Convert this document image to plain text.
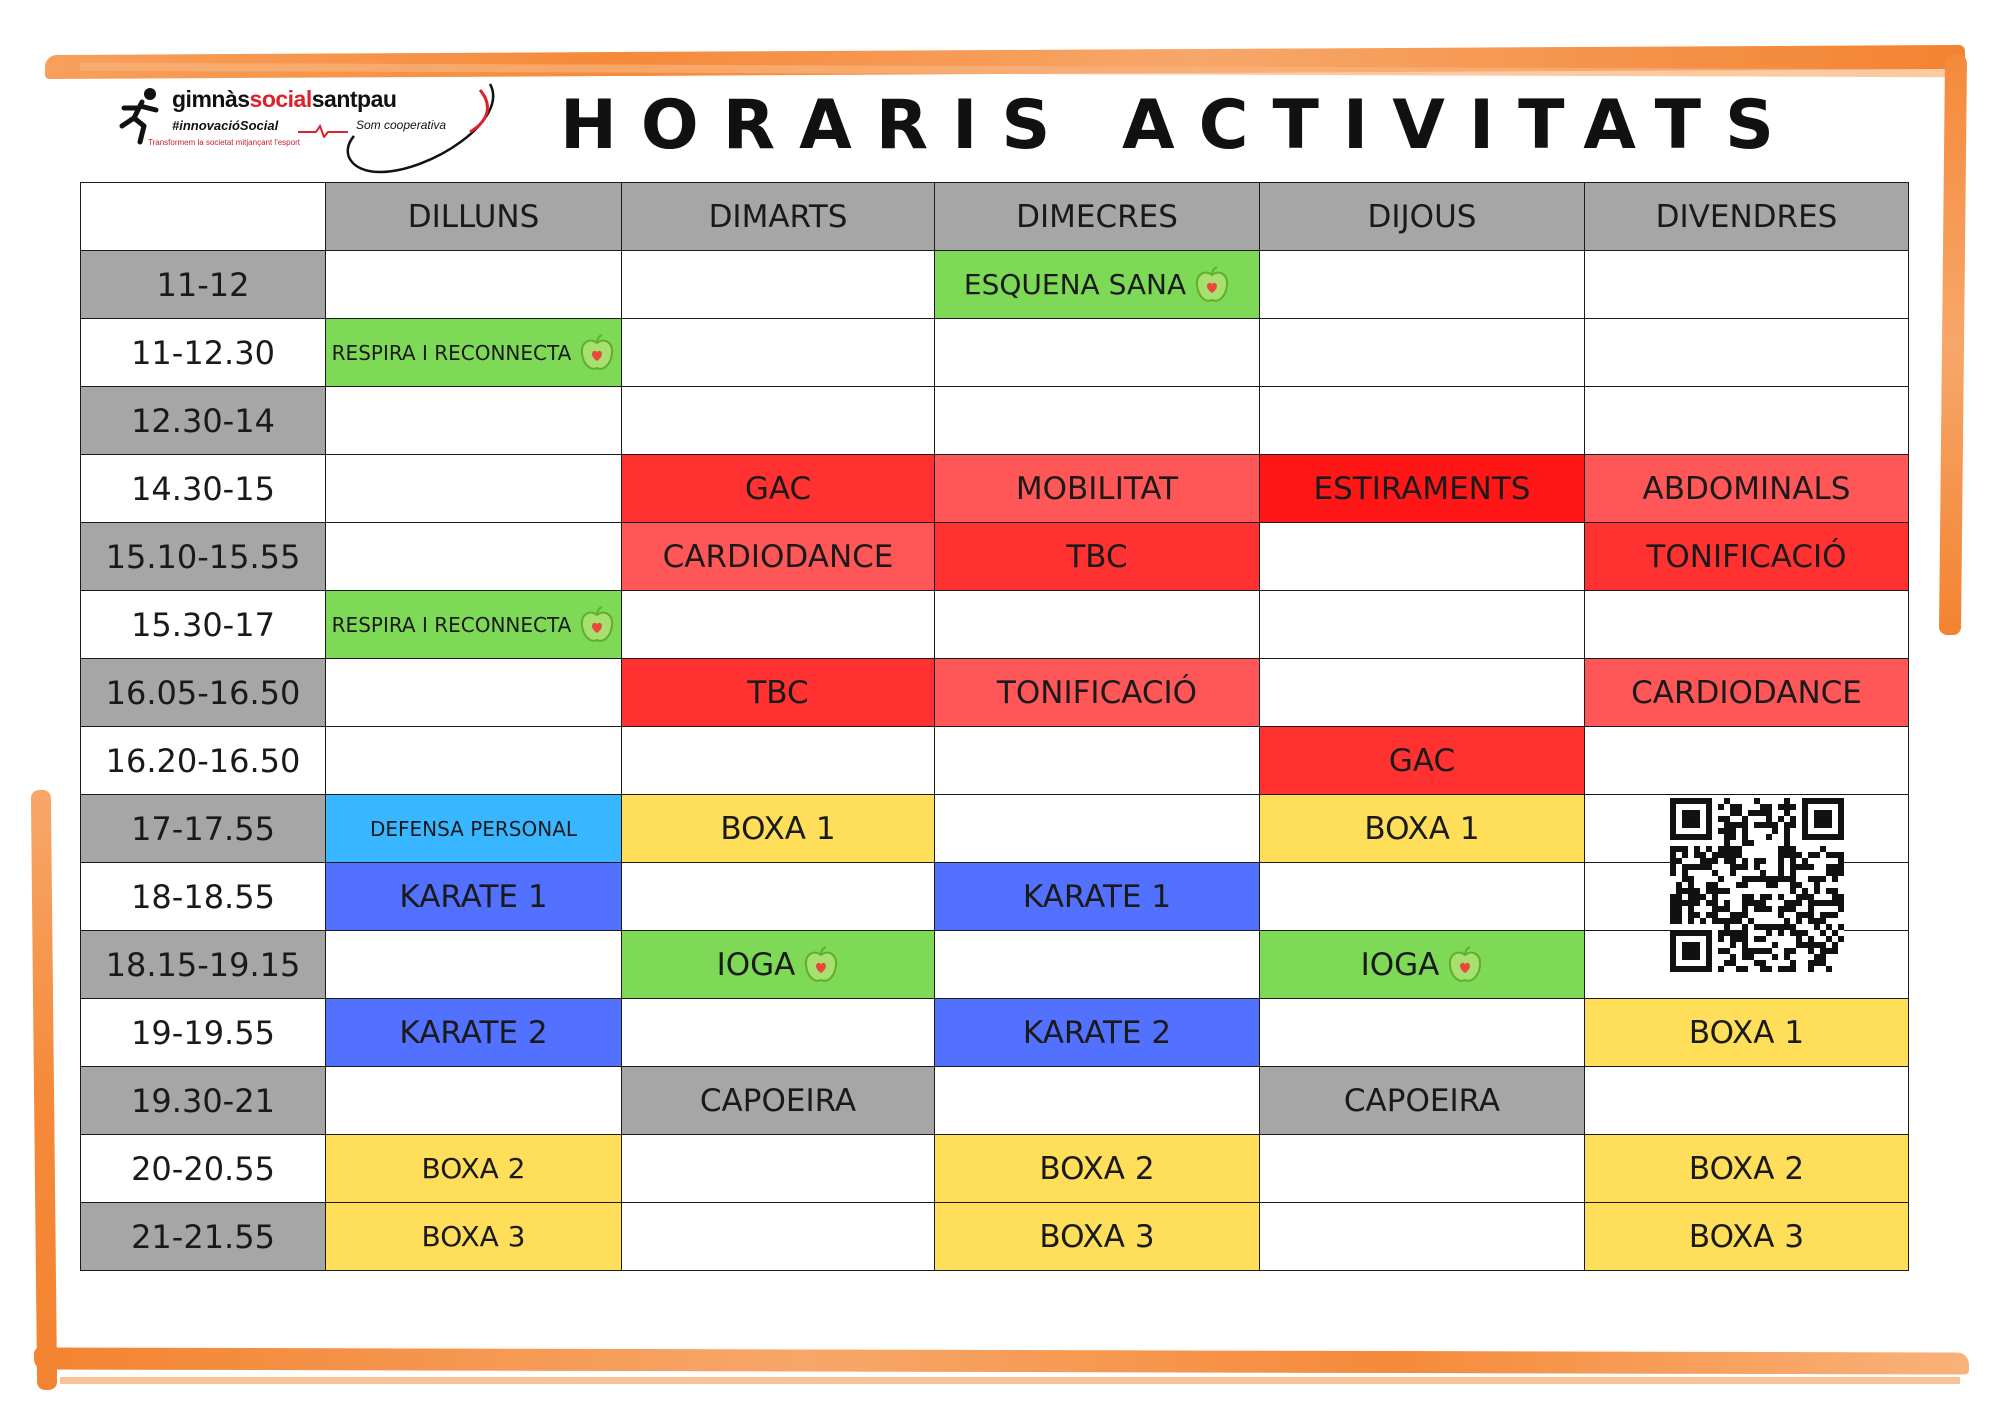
gimnàssocialsantpau
#innovacióSocial
Transformem la societat mitjançant l'esport
Som cooperativa HORARIS ACTIVITATS
	DILLUNS	DIMARTS	DIMECRES	DIJOUS	DIVENDRES
11-12			ESQUENA SANA		

11-12.30	RESPIRA I RECONNECTA				

12.30-14					
14.30-15		GAC	MOBILITAT	ESTIRAMENTS	ABDOMINALS
15.10-15.55		CARDIODANCE	TBC		TONIFICACIÓ
15.30-17	RESPIRA I RECONNECTA				

16.05-16.50		TBC	TONIFICACIÓ		CARDIODANCE
16.20-16.50				GAC	
17-17.55	DEFENSA PERSONAL	BOXA 1		BOXA 1	
18-18.55	KARATE 1		KARATE 1		
18.15-19.15		IOGA		IOGA	

19-19.55	KARATE 2		KARATE 2		BOXA 1
19.30-21		CAPOEIRA		CAPOEIRA	
20-20.55	BOXA 2		BOXA 2		BOXA 2
21-21.55	BOXA 3		BOXA 3		BOXA 3
